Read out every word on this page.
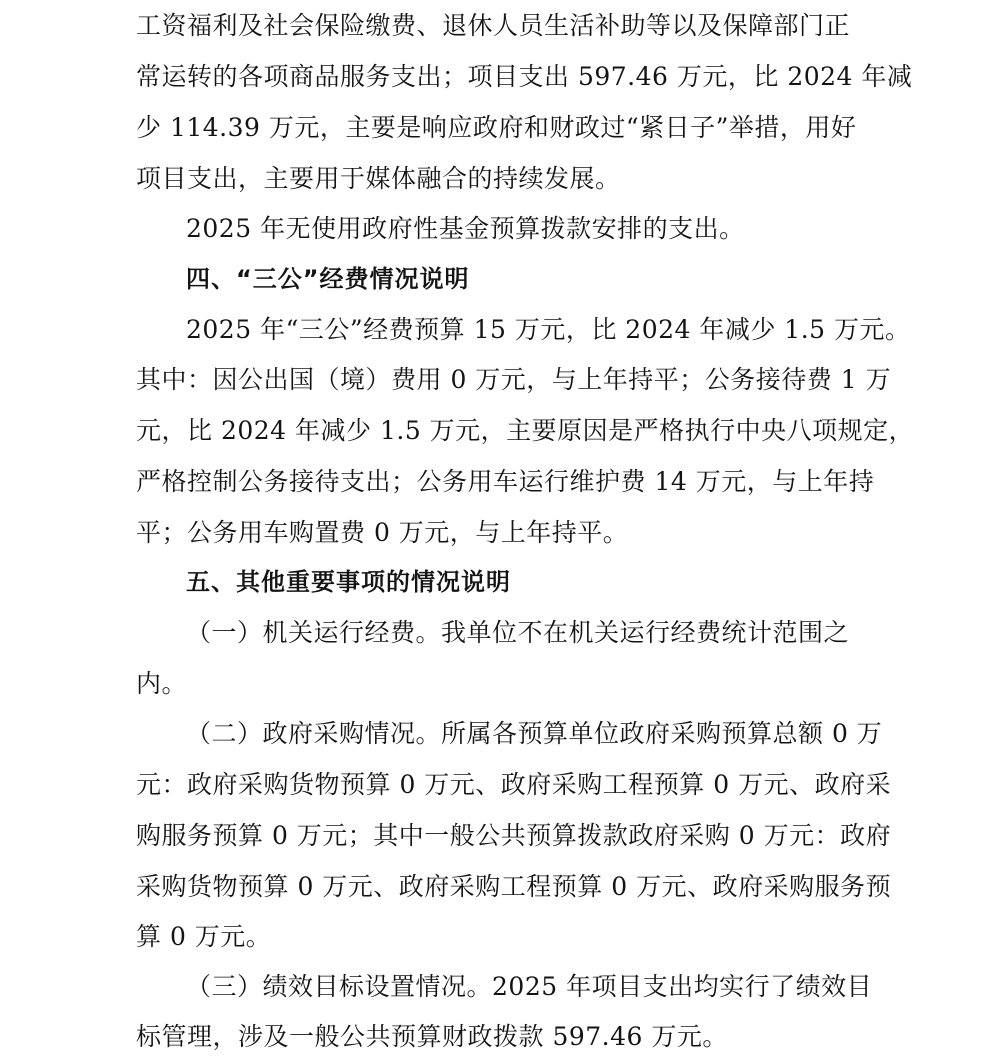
工资福利及社会保险缴费、退休人员生活补助等以及保障部门正
常运转的各项商品服务支出；项目支出 597.46 万元，比 2024 年减
少 114.39 万元，主要是响应政府和财政过“紧日子”举措，用好
项目支出，主要用于媒体融合的持续发展。
2025 年无使用政府性基金预算拨款安排的支出。
四、“三公”经费情况说明
2025 年“三公”经费预算 15 万元，比 2024 年减少 1.5 万元。
其中：因公出国（境）费用 0 万元，与上年持平；公务接待费 1 万
元，比 2024 年减少 1.5 万元，主要原因是严格执行中央八项规定，
严格控制公务接待支出；公务用车运行维护费 14 万元，与上年持
平；公务用车购置费 0 万元，与上年持平。
五、其他重要事项的情况说明
（一）机关运行经费。我单位不在机关运行经费统计范围之
内。
（二）政府采购情况。所属各预算单位政府采购预算总额 0 万
元：政府采购货物预算 0 万元、政府采购工程预算 0 万元、政府采
购服务预算 0 万元；其中一般公共预算拨款政府采购 0 万元：政府
采购货物预算 0 万元、政府采购工程预算 0 万元、政府采购服务预
算 0 万元。
（三）绩效目标设置情况。2025 年项目支出均实行了绩效目
标管理，涉及一般公共预算财政拨款 597.46 万元。
